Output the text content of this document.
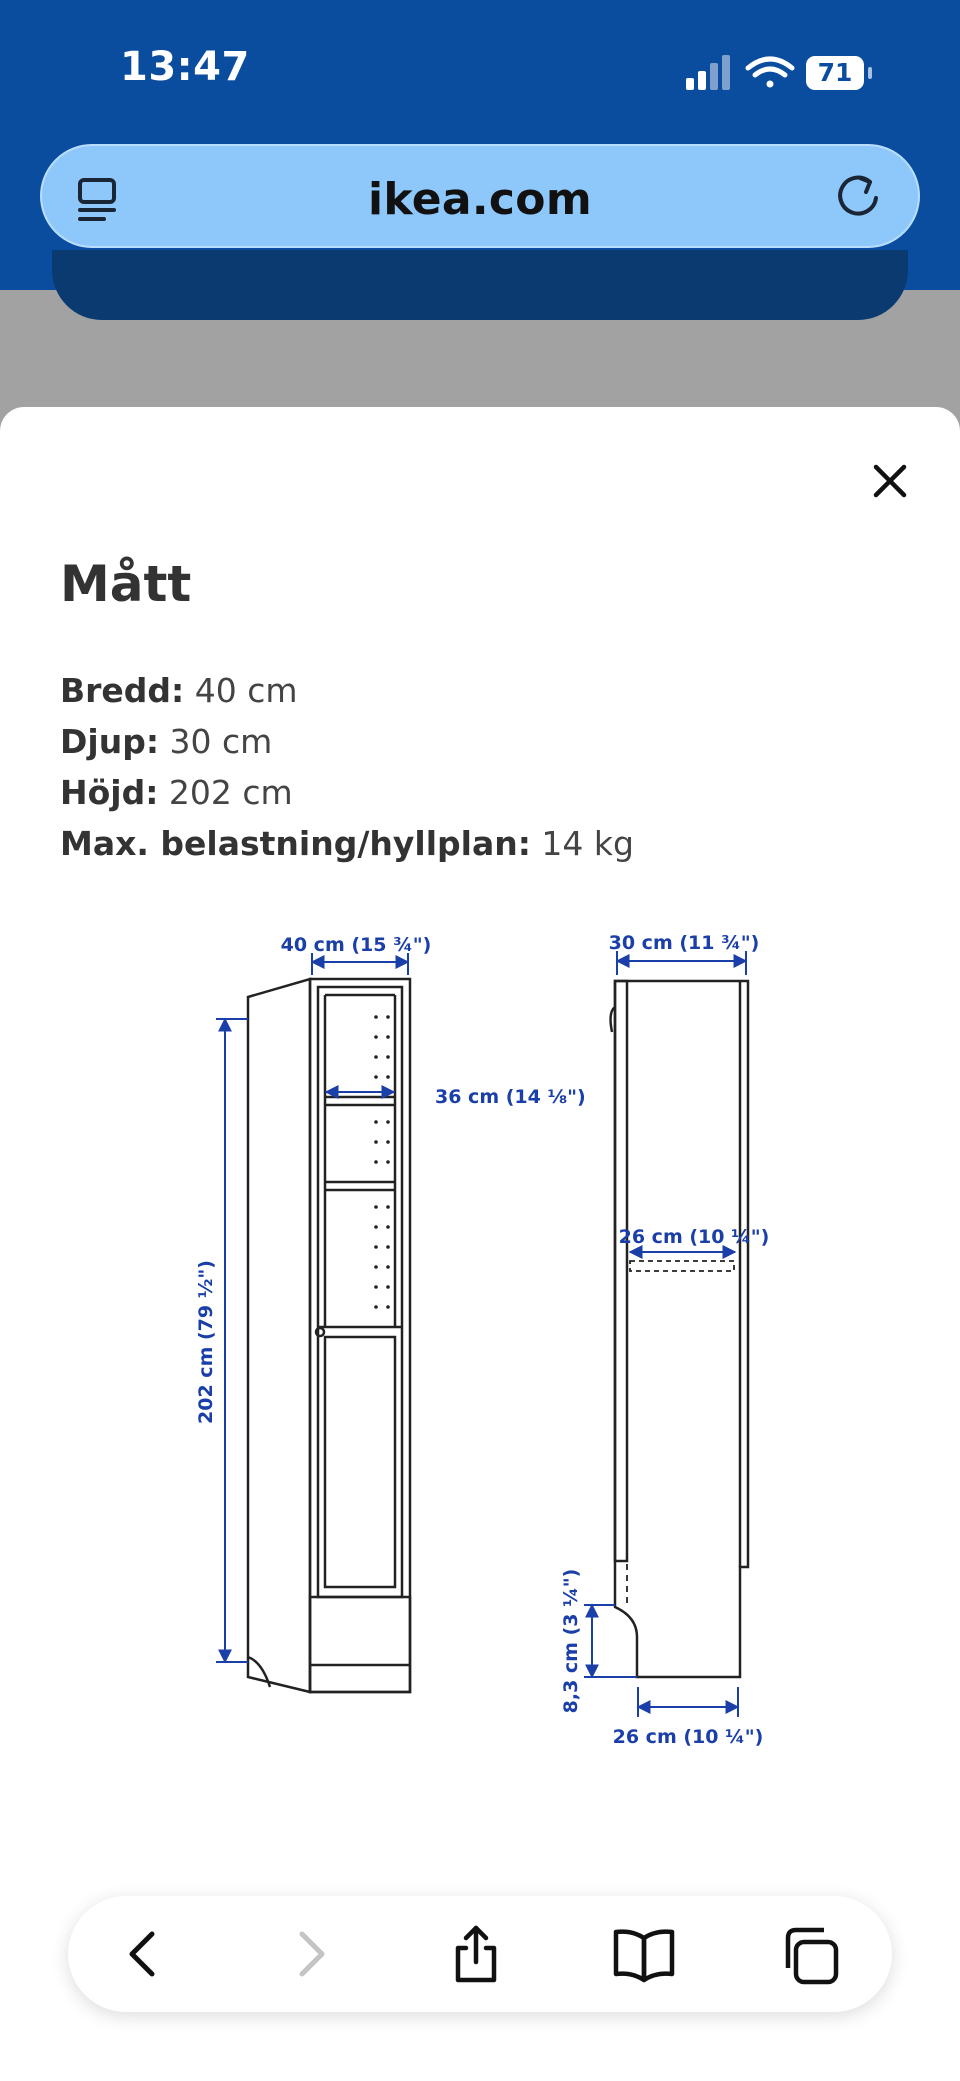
13:47	71
ikea.com
Mått
Bredd: 40 cm
Djup: 30 cm
Höjd: 202 cm
Max. belastning/hyllplan: 14 kg
40 cm (15 ¾")
202 cm (79 ½")
36 cm (14 ⅛")
30 cm (11 ¾")
26 cm (10 ¼")
8,3 cm (3 ¼")
26 cm (10 ¼")
